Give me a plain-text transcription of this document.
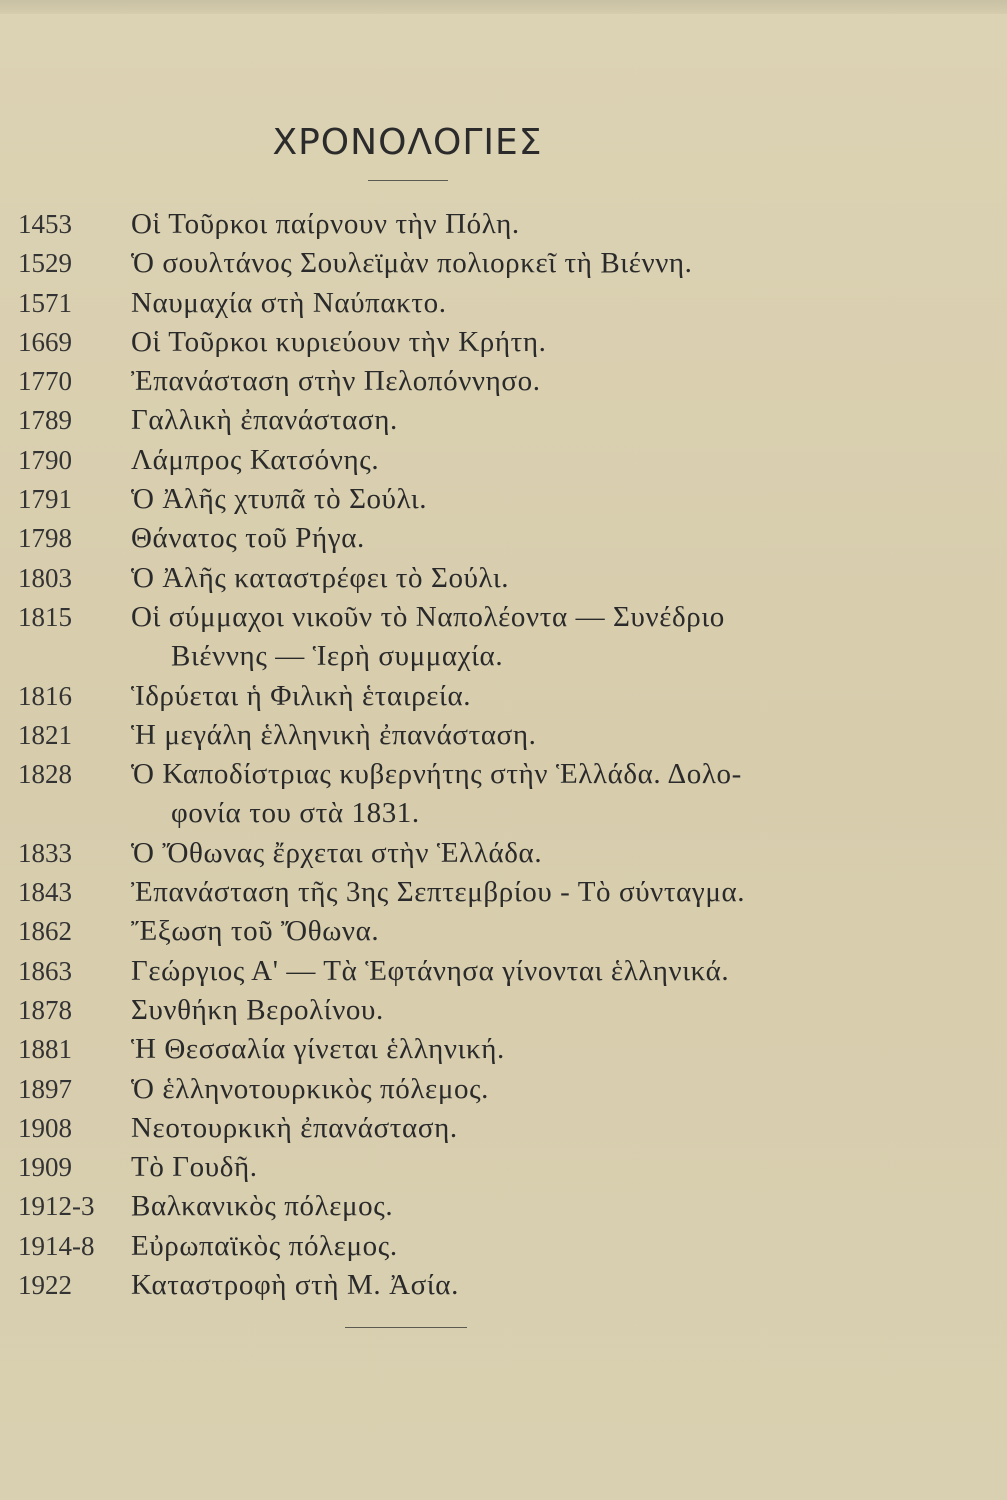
ΧΡΟΝΟΛΟΓΙΕΣ
1453 Οἱ Τοῦρκοι παίρνουν τὴν Πόλη.
1529 Ὁ σουλτάνος Σουλεϊμὰν πολιορκεῖ τὴ Βιέννη.
1571 Ναυμαχία στὴ Ναύπακτο.
1669 Οἱ Τοῦρκοι κυριεύουν τὴν Κρήτη.
1770 Ἐπανάσταση στὴν Πελοπόννησο.
1789 Γαλλικὴ ἐπανάσταση.
1790 Λάμπρος Κατσόνης.
1791 Ὁ Ἀλῆς χτυπᾶ τὸ Σούλι.
1798 Θάνατος τοῦ Ρήγα.
1803 Ὁ Ἀλῆς καταστρέφει τὸ Σούλι.
1815 Οἱ σύμμαχοι νικοῦν τὸ Ναπολέοντα — Συνέδριο
Βιέννης — Ἱερὴ συμμαχία.
1816 Ἱδρύεται ἡ Φιλικὴ ἑταιρεία.
1821 Ἡ μεγάλη ἑλληνικὴ ἐπανάσταση.
1828 Ὁ Καποδίστριας κυβερνήτης στὴν Ἑλλάδα. Δολο-
φονία του στὰ 1831.
1833 Ὁ Ὄθωνας ἔρχεται στὴν Ἑλλάδα.
1843 Ἐπανάσταση τῆς 3ης Σεπτεμβρίου - Τὸ σύνταγμα.
1862 Ἔξωση τοῦ Ὄθωνα.
1863 Γεώργιος Α' — Τὰ Ἑφτάνησα γίνονται ἑλληνικά.
1878 Συνθήκη Βερολίνου.
1881 Ἡ Θεσσαλία γίνεται ἑλληνική.
1897 Ὁ ἑλληνοτουρκικὸς πόλεμος.
1908 Νεοτουρκικὴ ἐπανάσταση.
1909 Τὸ Γουδῆ.
1912-3 Βαλκανικὸς πόλεμος.
1914-8 Εὐρωπαϊκὸς πόλεμος.
1922 Καταστροφὴ στὴ Μ. Ἀσία.
